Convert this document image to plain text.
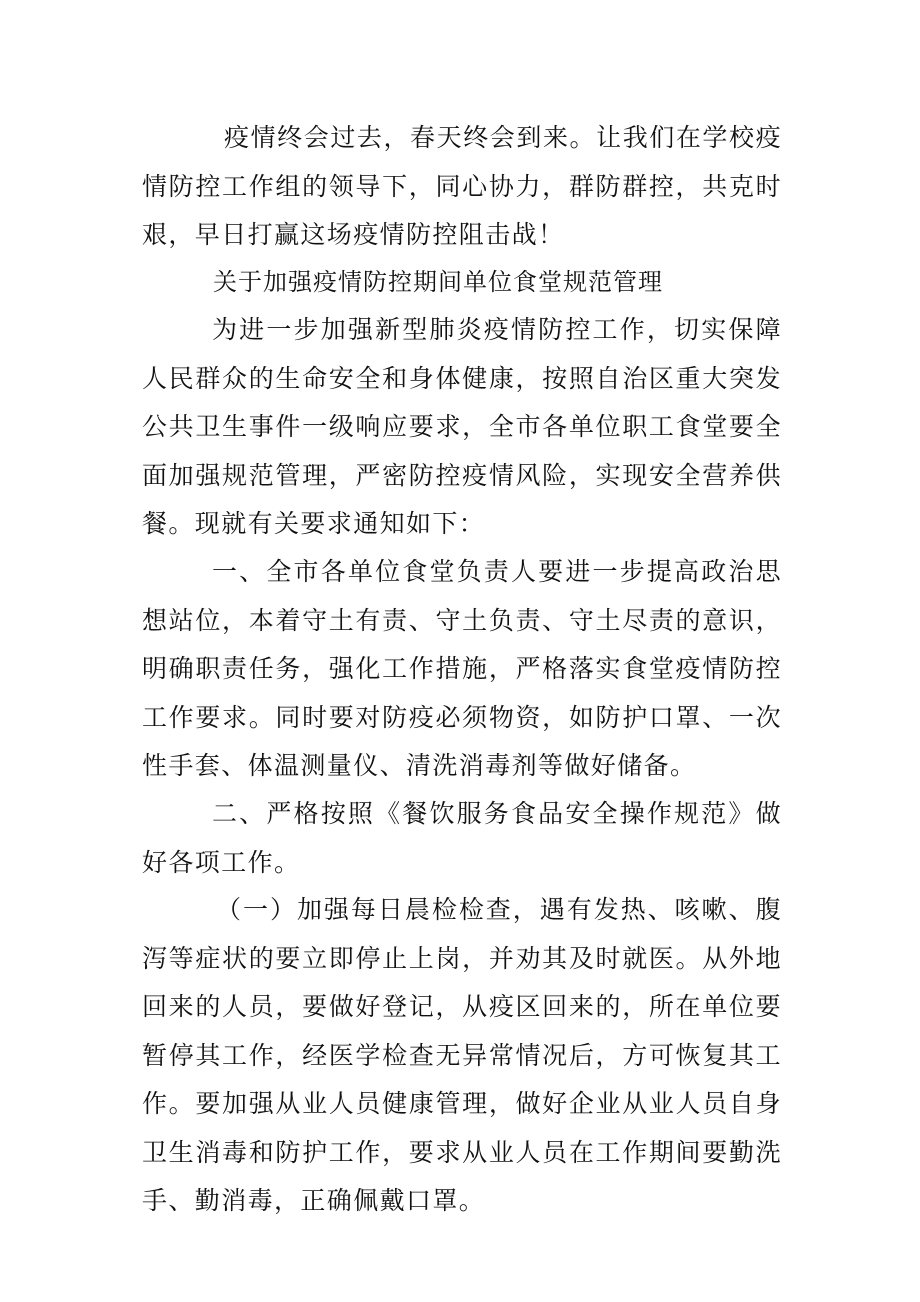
疫情终会过去，春天终会到来。让我们在学校疫情防控工作组的领导下，同心协力，群防群控，共克时艰，早日打赢这场疫情防控阻击战！

关于加强疫情防控期间单位食堂规范管理

为进一步加强新型肺炎疫情防控工作，切实保障人民群众的生命安全和身体健康，按照自治区重大突发公共卫生事件一级响应要求，全市各单位职工食堂要全面加强规范管理，严密防控疫情风险，实现安全营养供餐。现就有关要求通知如下：

一、全市各单位食堂负责人要进一步提高政治思想站位，本着守土有责、守土负责、守土尽责的意识，明确职责任务，强化工作措施，严格落实食堂疫情防控工作要求。同时要对防疫必须物资，如防护口罩、一次性手套、体温测量仪、清洗消毒剂等做好储备。

二、严格按照《餐饮服务食品安全操作规范》做好各项工作。

（一）加强每日晨检检查，遇有发热、咳嗽、腹泻等症状的要立即停止上岗，并劝其及时就医。从外地回来的人员，要做好登记，从疫区回来的，所在单位要暂停其工作，经医学检查无异常情况后，方可恢复其工作。要加强从业人员健康管理，做好企业从业人员自身卫生消毒和防护工作，要求从业人员在工作期间要勤洗手、勤消毒，正确佩戴口罩。
